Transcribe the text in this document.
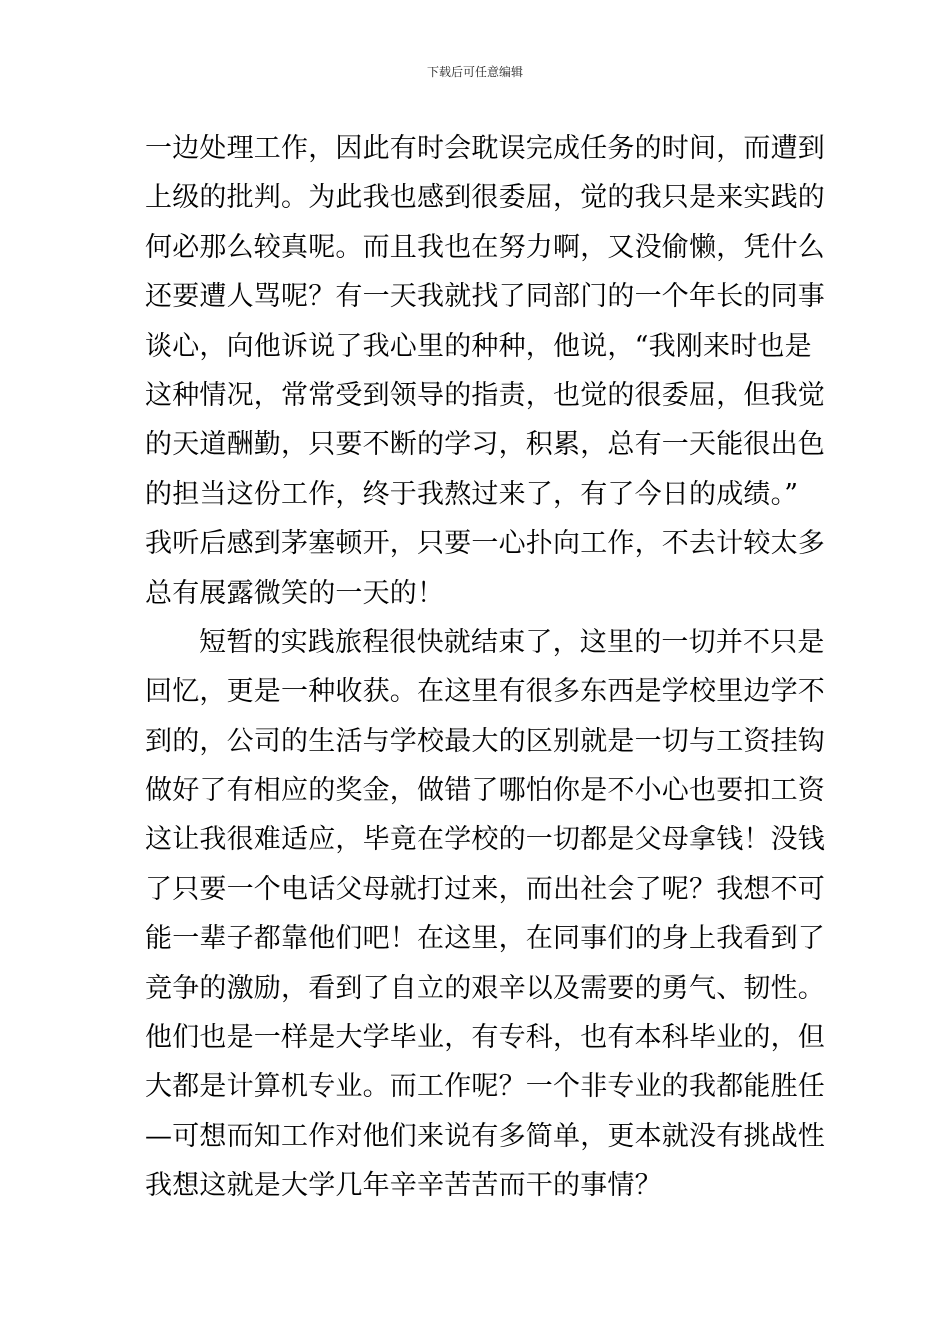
下载后可任意编辑
一边处理工作，因此有时会耽误完成任务的时间，而遭到
上级的批判。为此我也感到很委屈，觉的我只是来实践的
何必那么较真呢。而且我也在努力啊，又没偷懒，凭什么
还要遭人骂呢？有一天我就找了同部门的一个年长的同事
谈心，向他诉说了我心里的种种，他说，“我刚来时也是
这种情况，常常受到领导的指责，也觉的很委屈，但我觉
的天道酬勤，只要不断的学习，积累，总有一天能很出色
的担当这份工作，终于我熬过来了，有了今日的成绩。”
我听后感到茅塞顿开，只要一心扑向工作，不去计较太多
总有展露微笑的一天的！
短暂的实践旅程很快就结束了，这里的一切并不只是
回忆，更是一种收获。在这里有很多东西是学校里边学不
到的，公司的生活与学校最大的区别就是一切与工资挂钩
做好了有相应的奖金，做错了哪怕你是不小心也要扣工资
这让我很难适应，毕竟在学校的一切都是父母拿钱！没钱
了只要一个电话父母就打过来，而出社会了呢？我想不可
能一辈子都靠他们吧！在这里，在同事们的身上我看到了
竞争的激励，看到了自立的艰辛以及需要的勇气、韧性。
他们也是一样是大学毕业，有专科，也有本科毕业的，但
大都是计算机专业。而工作呢？一个非专业的我都能胜任
—可想而知工作对他们来说有多简单，更本就没有挑战性
我想这就是大学几年辛辛苦苦而干的事情？
